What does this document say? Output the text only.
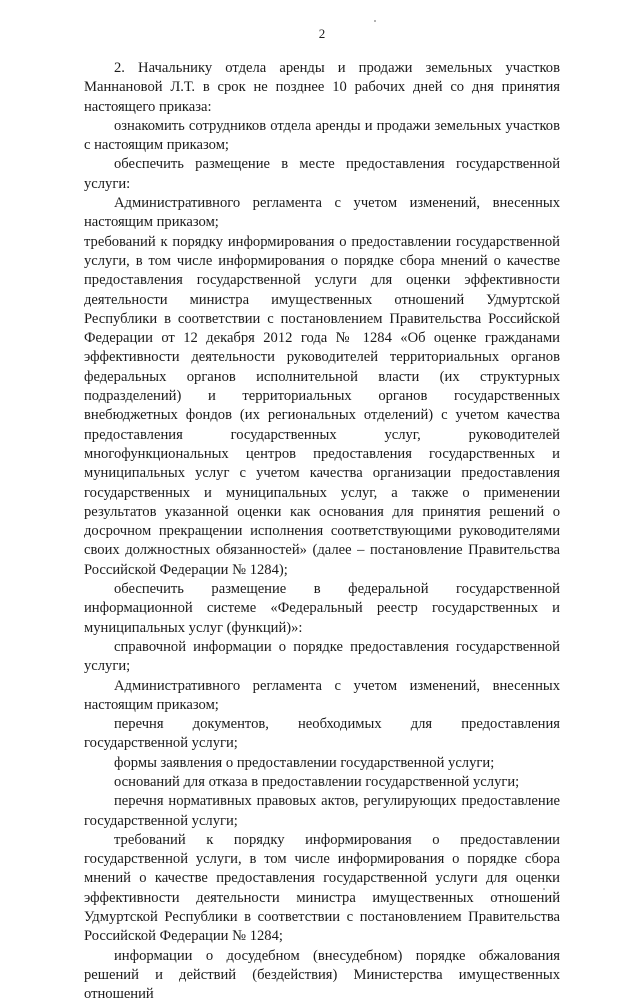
2

2. Начальнику отдела аренды и продажи земельных участков Маннановой Л.Т. в срок не позднее 10 рабочих дней со дня принятия настоящего приказа:

ознакомить сотрудников отдела аренды и продажи земельных участков с настоящим приказом;

обеспечить размещение в месте предоставления государственной услуги:

Административного регламента с учетом изменений, внесенных настоящим приказом;

требований к порядку информирования о предоставлении государственной услуги, в том числе информирования о порядке сбора мнений о качестве предоставления государственной услуги для оценки эффективности деятельности министра имущественных отношений Удмуртской Республики в соответствии с постановлением Правительства Российской Федерации от 12 декабря 2012 года № 1284 «Об оценке гражданами эффективности деятельности руководителей территориальных органов федеральных органов исполнительной власти (их структурных подразделений) и территориальных органов государственных внебюджетных фондов (их региональных отделений) с учетом качества предоставления государственных услуг, руководителей многофункциональных центров предоставления государственных и муниципальных услуг с учетом качества организации предоставления государственных и муниципальных услуг, а также о применении результатов указанной оценки как основания для принятия решений о досрочном прекращении исполнения соответствующими руководителями своих должностных обязанностей» (далее – постановление Правительства Российской Федерации № 1284);

обеспечить размещение в федеральной государственной информационной системе «Федеральный реестр государственных и муниципальных услуг (функций)»:

справочной информации о порядке предоставления государственной услуги;

Административного регламента с учетом изменений, внесенных настоящим приказом;

перечня документов, необходимых для предоставления государственной услуги;

формы заявления о предоставлении государственной услуги;

оснований для отказа в предоставлении государственной услуги;

перечня нормативных правовых актов, регулирующих предоставление государственной услуги;

требований к порядку информирования о предоставлении государственной услуги, в том числе информирования о порядке сбора мнений о качестве предоставления государственной услуги для оценки эффективности деятельности министра имущественных отношений Удмуртской Республики в соответствии с постановлением Правительства Российской Федерации № 1284;

информации о досудебном (внесудебном) порядке обжалования решений и действий (бездействия) Министерства имущественных отношений
